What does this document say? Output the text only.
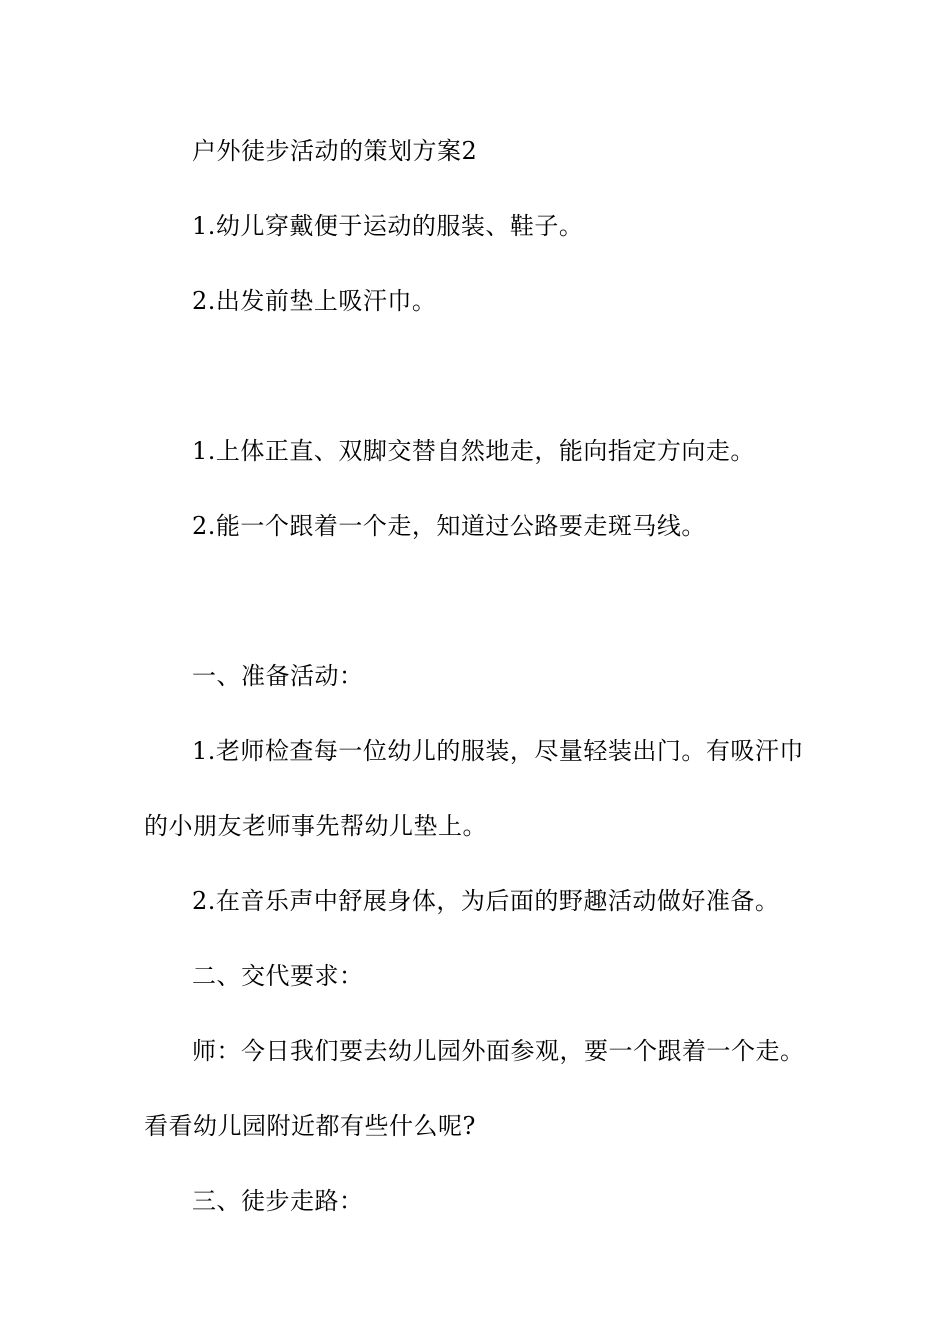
户外徒步活动的策划方案2
1.幼儿穿戴便于运动的服装、鞋子。
2.出发前垫上吸汗巾。
1.上体正直、双脚交替自然地走，能向指定方向走。
2.能一个跟着一个走，知道过公路要走斑马线。
一、准备活动：
1.老师检查每一位幼儿的服装，尽量轻装出门。有吸汗巾
的小朋友老师事先帮幼儿垫上。
2.在音乐声中舒展身体，为后面的野趣活动做好准备。
二、交代要求：
师：今日我们要去幼儿园外面参观，要一个跟着一个走。
看看幼儿园附近都有些什么呢?
三、徒步走路：
